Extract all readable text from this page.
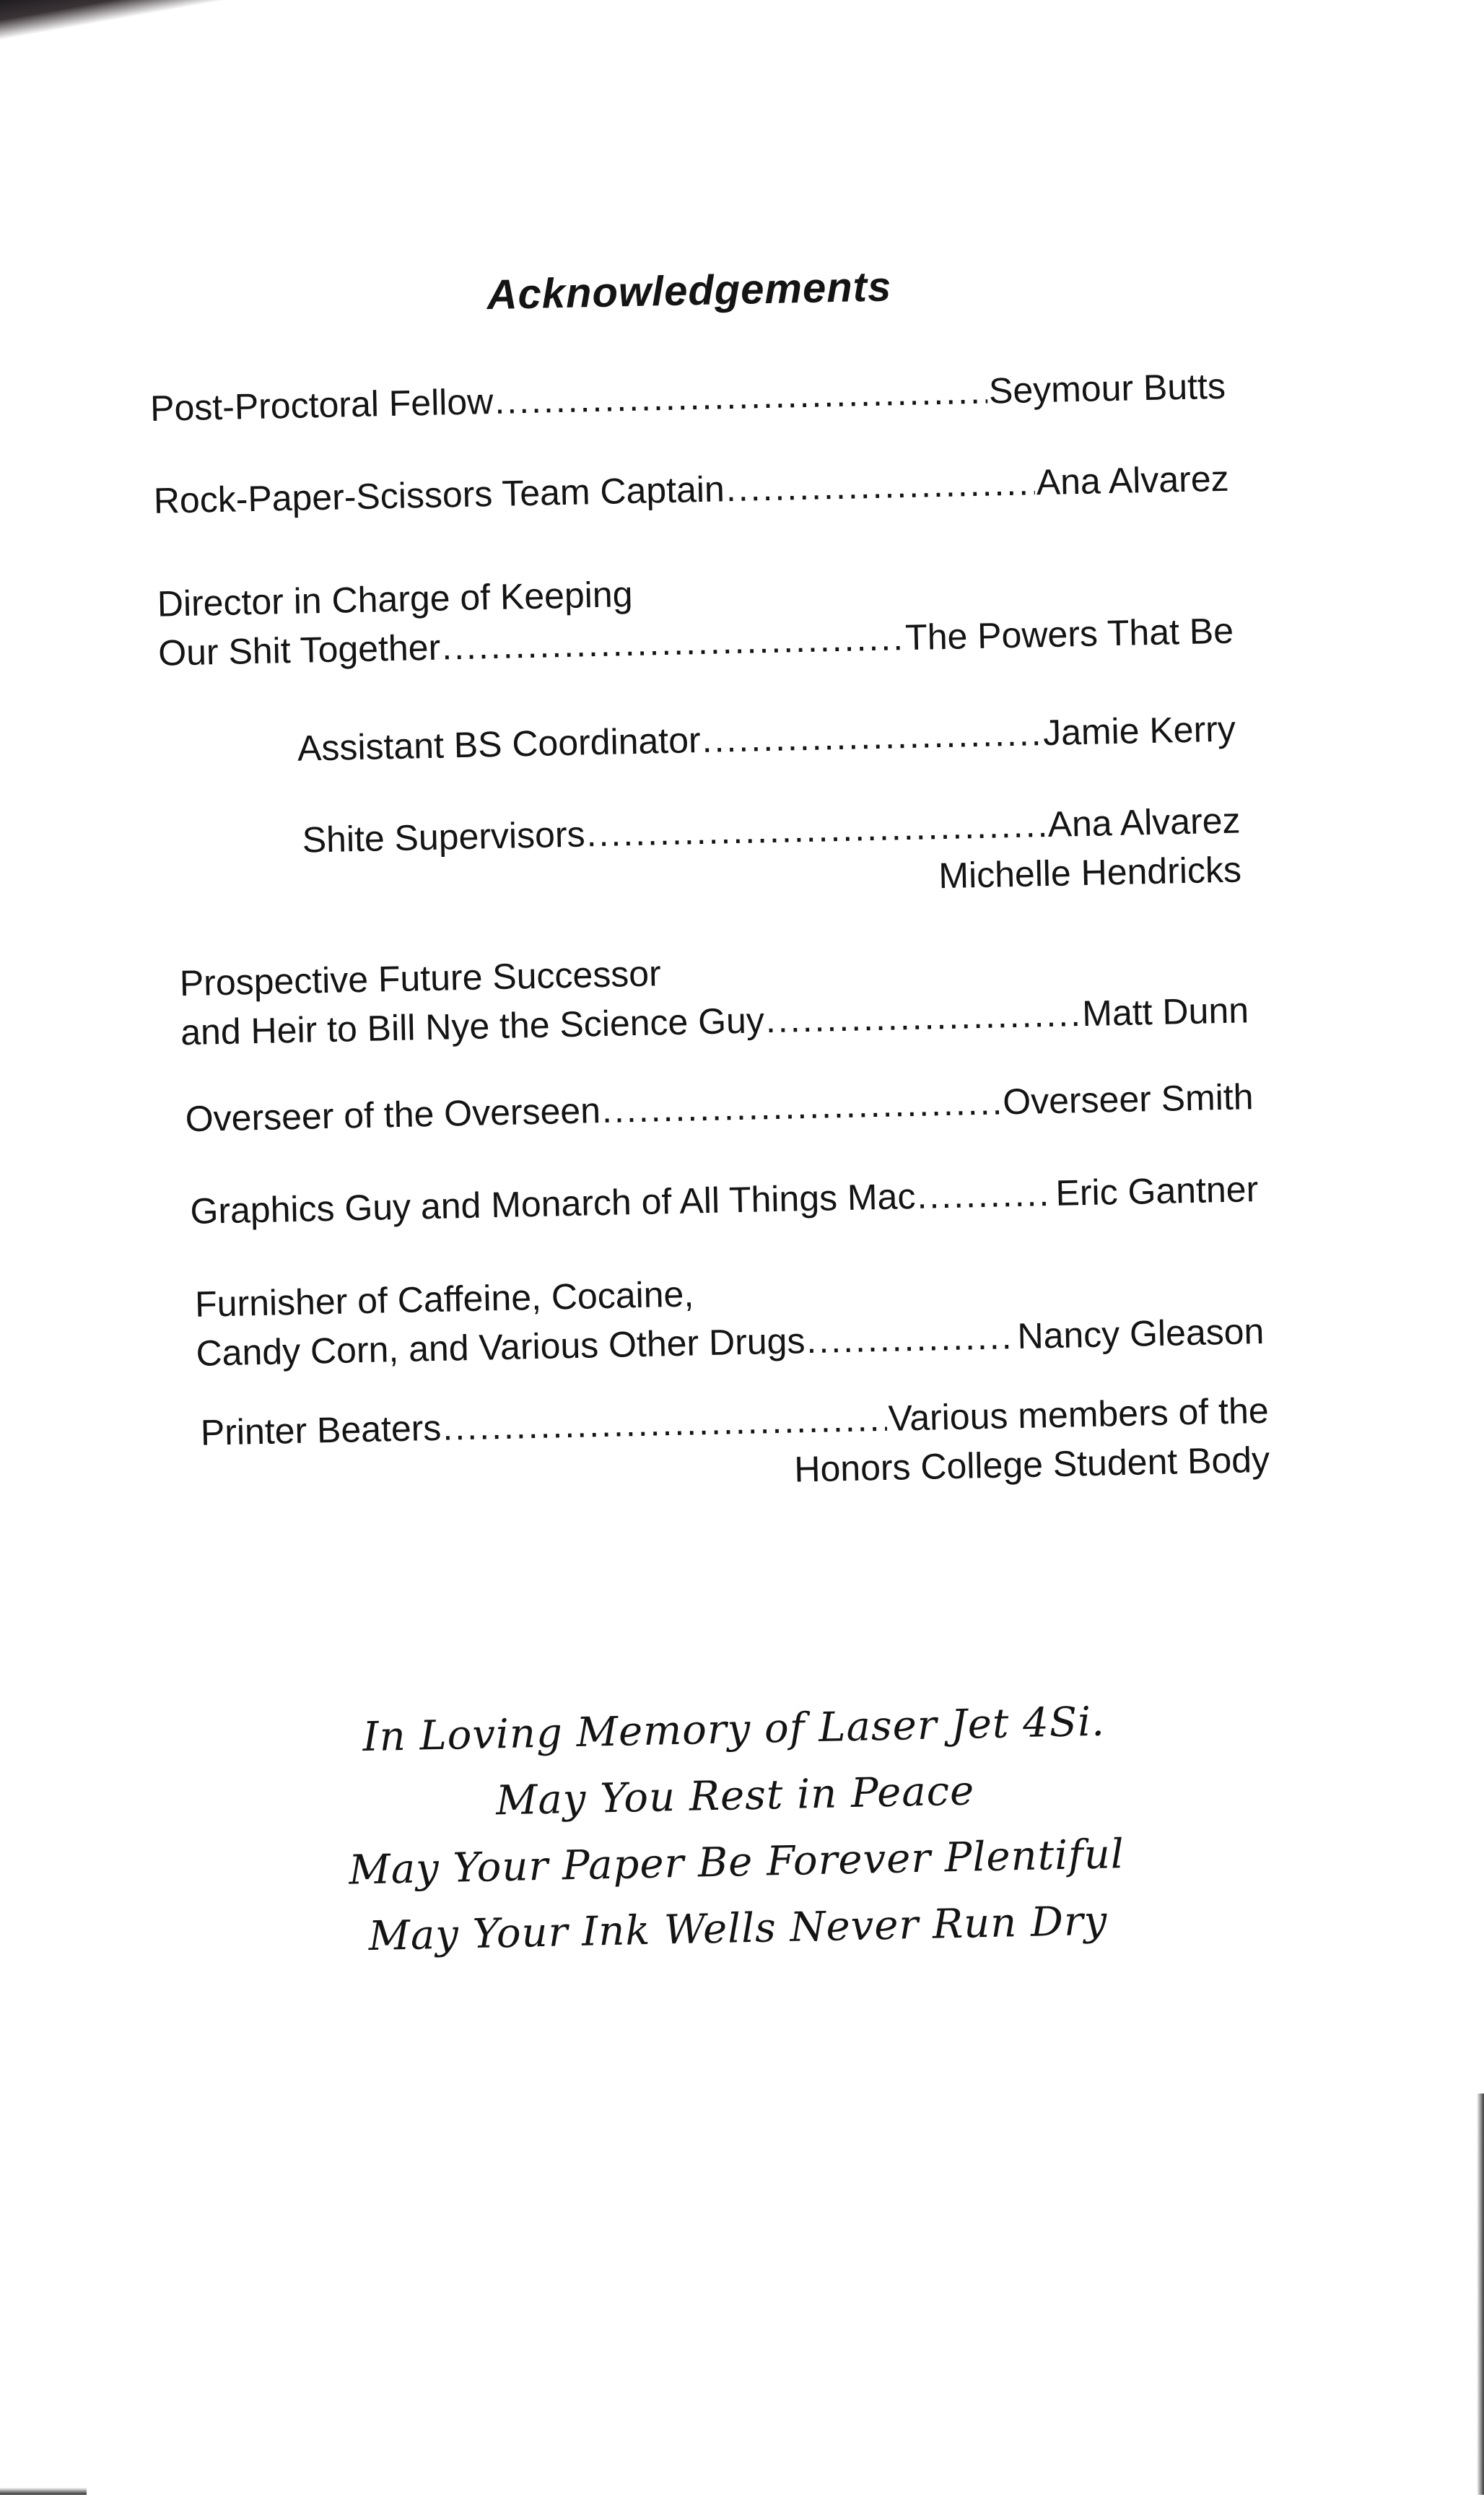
Acknowledgements
Post-Proctoral Fellow .....	Seymour Butts
Rock-Paper-Scissors Team Captain .....	Ana Alvarez
Director in Charge of Keeping
Our Shit Together .....	The Powers That Be
Assistant BS Coordinator .....	Jamie Kerry
Shite Supervisors .....	Ana Alvarez
Michelle Hendricks
Prospective Future Successor
and Heir to Bill Nye the Science Guy .....	Matt Dunn
Overseer of the Overseen .....	Overseer Smith
Graphics Guy and Monarch of All Things Mac .....	Eric Gantner
Furnisher of Caffeine, Cocaine,
Candy Corn, and Various Other Drugs .....	Nancy Gleason
Printer Beaters .....	Various members of the
Honors College Student Body
In Loving Memory of Laser Jet 4Si.
May You Rest in Peace
May Your Paper Be Forever Plentiful
May Your Ink Wells Never Run Dry
